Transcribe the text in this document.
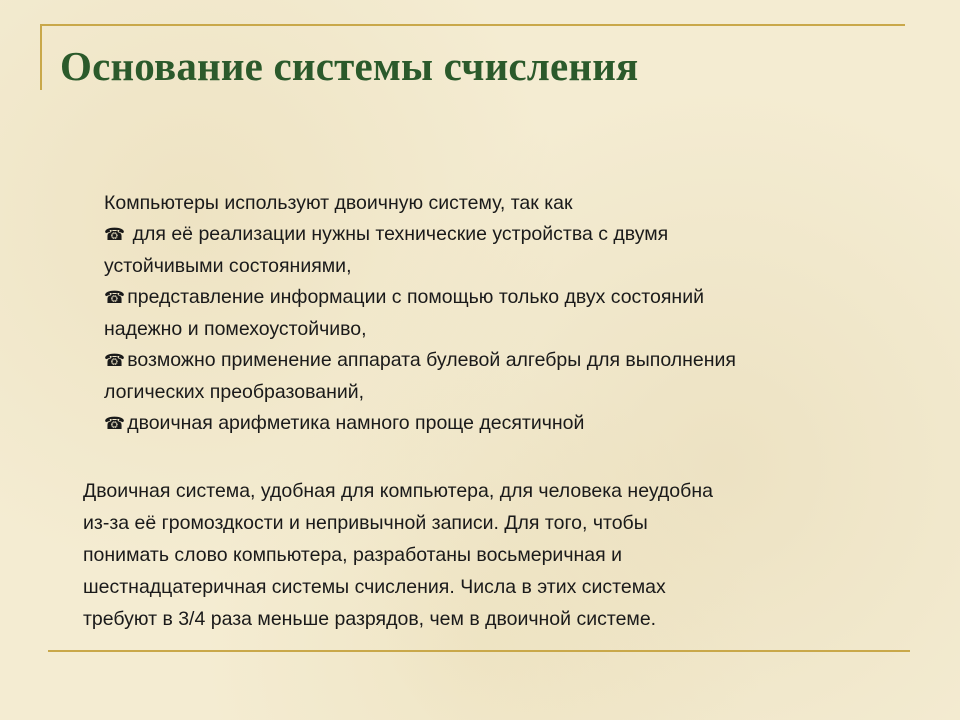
Основание системы счисления

Компьютеры используют двоичную систему, так как

☎ для её реализации нужны технические устройства с двумя

устойчивыми состояниями,

☎ представление информации с помощью только двух состояний

надежно и помехоустойчиво,

☎ возможно применение аппарата булевой алгебры для выполнения

логических преобразований,

☎ двоичная арифметика намного проще десятичной

Двоичная система, удобная для компьютера, для человека неудобна

из-за её громоздкости и непривычной записи. Для того, чтобы

понимать слово компьютера, разработаны восьмеричная и

шестнадцатеричная системы счисления. Числа в этих системах

требуют в 3/4 раза меньше разрядов, чем в двоичной системе.
